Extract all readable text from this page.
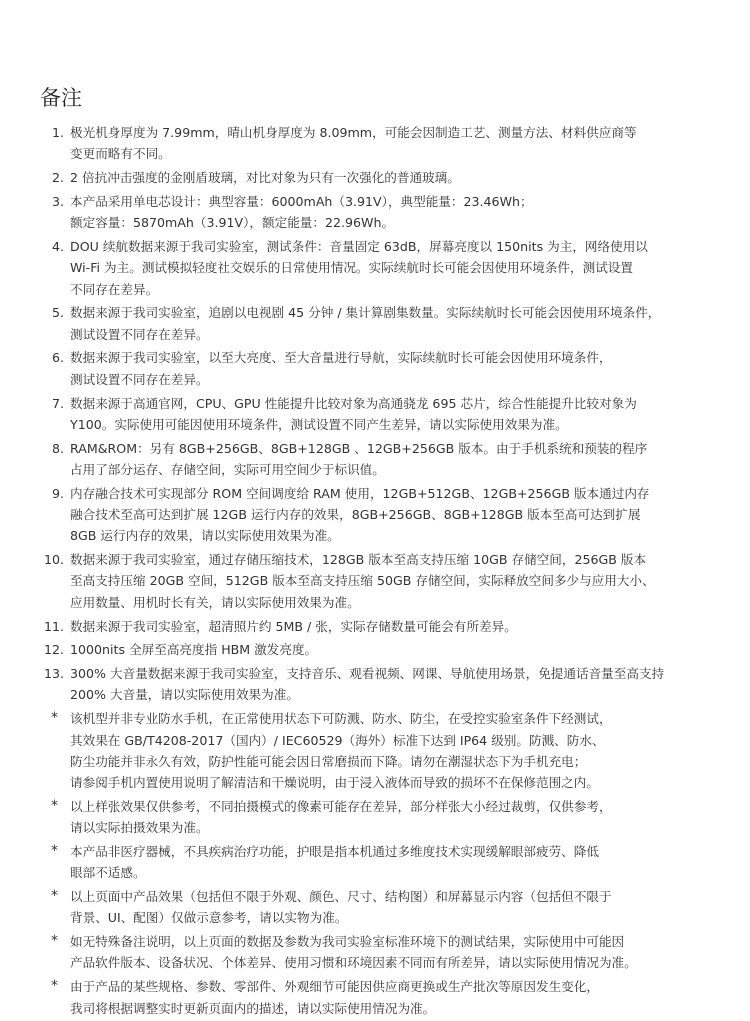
备注
1. 极光机身厚度为 7.99mm，晴山机身厚度为 8.09mm，可能会因制造工艺、测量方法、材料供应商等
变更而略有不同。
2. 2 倍抗冲击强度的金刚盾玻璃，对比对象为只有一次强化的普通玻璃。
3. 本产品采用单电芯设计：典型容量：6000mAh（3.91V），典型能量：23.46Wh；
额定容量：5870mAh（3.91V），额定能量：22.96Wh。
4. DOU 续航数据来源于我司实验室，测试条件：音量固定 63dB，屏幕亮度以 150nits 为主，网络使用以
Wi-Fi 为主。测试模拟轻度社交娱乐的日常使用情况。实际续航时长可能会因使用环境条件，测试设置
不同存在差异。
5. 数据来源于我司实验室，追剧以电视剧 45 分钟 / 集计算剧集数量。实际续航时长可能会因使用环境条件，
测试设置不同存在差异。
6. 数据来源于我司实验室，以至大亮度、至大音量进行导航，实际续航时长可能会因使用环境条件，
测试设置不同存在差异。
7. 数据来源于高通官网，CPU、GPU 性能提升比较对象为高通骁龙 695 芯片，综合性能提升比较对象为
Y100。实际使用可能因使用环境条件，测试设置不同产生差异，请以实际使用效果为准。
8. RAM&ROM：另有 8GB+256GB、8GB+128GB 、12GB+256GB 版本。由于手机系统和预装的程序
占用了部分运存、存储空间，实际可用空间少于标识值。
9. 内存融合技术可实现部分 ROM 空间调度给 RAM 使用，12GB+512GB、12GB+256GB 版本通过内存
融合技术至高可达到扩展 12GB 运行内存的效果，8GB+256GB、8GB+128GB 版本至高可达到扩展
8GB 运行内存的效果，请以实际使用效果为准。
10. 数据来源于我司实验室，通过存储压缩技术，128GB 版本至高支持压缩 10GB 存储空间，256GB 版本
至高支持压缩 20GB 空间，512GB 版本至高支持压缩 50GB 存储空间，实际释放空间多少与应用大小、
应用数量、用机时长有关，请以实际使用效果为准。
11. 数据来源于我司实验室，超清照片约 5MB / 张，实际存储数量可能会有所差异。
12. 1000nits 全屏至高亮度指 HBM 激发亮度。
13. 300% 大音量数据来源于我司实验室，支持音乐、观看视频、网课、导航使用场景，免提通话音量至高支持
200% 大音量，请以实际使用效果为准。
* 该机型并非专业防水手机，在正常使用状态下可防溅、防水、防尘，在受控实验室条件下经测试，
其效果在 GB/T4208-2017（国内）/ IEC60529（海外）标准下达到 IP64 级别。防溅、防水、
防尘功能并非永久有效，防护性能可能会因日常磨损而下降。请勿在潮湿状态下为手机充电；
请参阅手机内置使用说明了解清洁和干燥说明，由于浸入液体而导致的损坏不在保修范围之内。
* 以上样张效果仅供参考，不同拍摄模式的像素可能存在差异，部分样张大小经过裁剪，仅供参考，
请以实际拍摄效果为准。
* 本产品非医疗器械，不具疾病治疗功能，护眼是指本机通过多维度技术实现缓解眼部疲劳、降低
眼部不适感。
* 以上页面中产品效果（包括但不限于外观、颜色、尺寸、结构图）和屏幕显示内容（包括但不限于
背景、UI、配图）仅做示意参考，请以实物为准。
* 如无特殊备注说明，以上页面的数据及参数为我司实验室标准环境下的测试结果，实际使用中可能因
产品软件版本、设备状况、个体差异、使用习惯和环境因素不同而有所差异，请以实际使用情况为准。
* 由于产品的某些规格、参数、零部件、外观细节可能因供应商更换或生产批次等原因发生变化，
我司将根据调整实时更新页面内的描述，请以实际使用情况为准。
